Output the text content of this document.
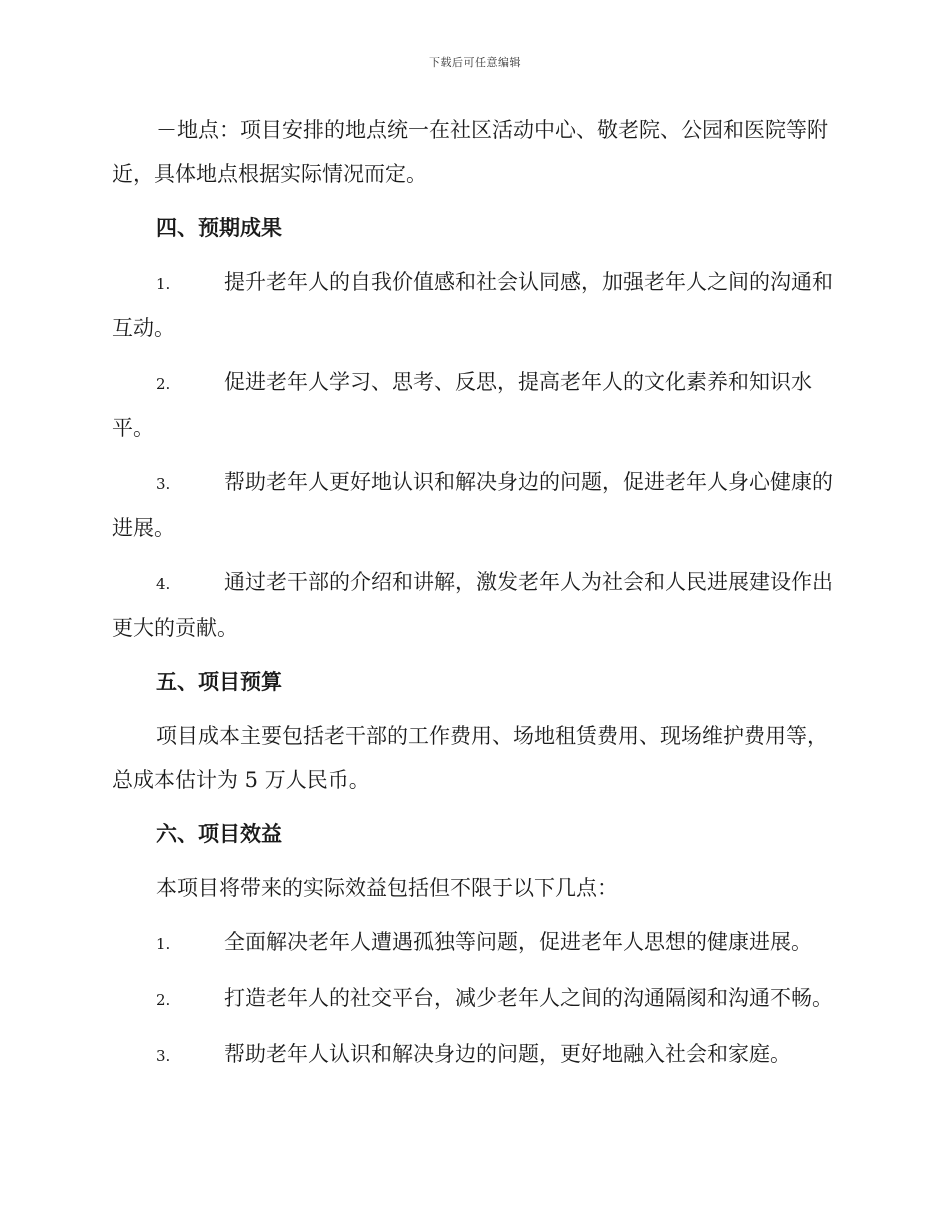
下载后可任意编辑

－地点：项目安排的地点统一在社区活动中心、敬老院、公园和医院等附近，具体地点根据实际情况而定。

四、预期成果

1.	提升老年人的自我价值感和社会认同感，加强老年人之间的沟通和互动。

2.	促进老年人学习、思考、反思，提高老年人的文化素养和知识水平。

3.	帮助老年人更好地认识和解决身边的问题，促进老年人身心健康的进展。

4.	通过老干部的介绍和讲解，激发老年人为社会和人民进展建设作出更大的贡献。

五、项目预算

项目成本主要包括老干部的工作费用、场地租赁费用、现场维护费用等，总成本估计为 5 万人民币。

六、项目效益

本项目将带来的实际效益包括但不限于以下几点：

1.	全面解决老年人遭遇孤独等问题，促进老年人思想的健康进展。

2.	打造老年人的社交平台，减少老年人之间的沟通隔阂和沟通不畅。

3.	帮助老年人认识和解决身边的问题，更好地融入社会和家庭。
